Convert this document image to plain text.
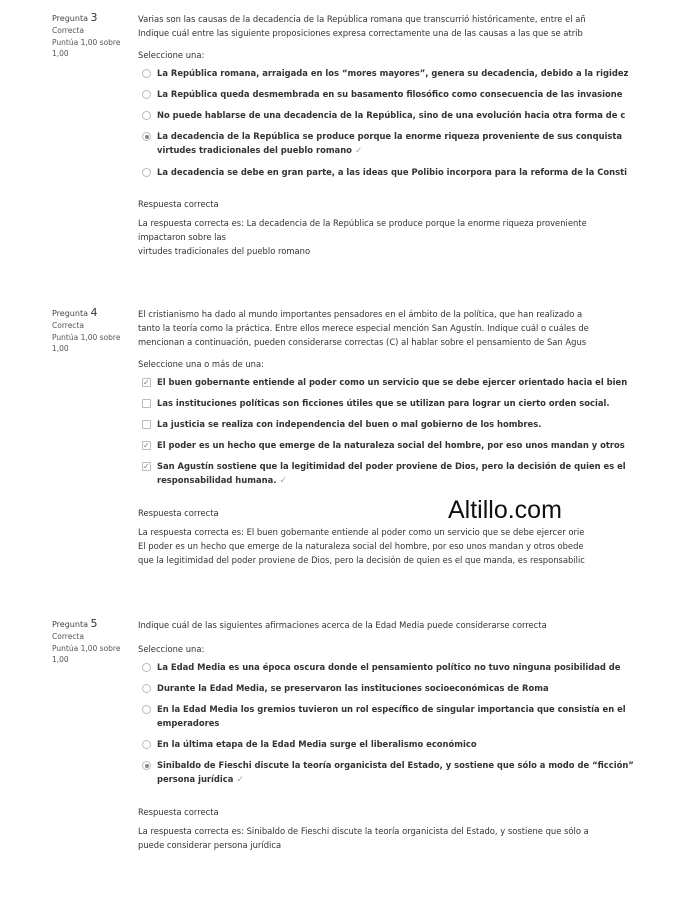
Pregunta 3
Correcta
Puntúa 1,00 sobre 1,00
Varias son las causas de la decadencia de la República romana que transcurrió históricamente, entre el añ
Indique cuál entre las siguiente proposiciones expresa correctamente una de las causas a las que se atrib
Seleccione una:
La República romana, arraigada en los “mores mayores”, genera su decadencia, debido a la rigidez
La República queda desmembrada en su basamento filosófico como consecuencia de las invasione
No puede hablarse de una decadencia de la República, sino de una evolución hacia otra forma de c
La decadencia de la República se produce porque la enorme riqueza proveniente de sus conquista
virtudes tradicionales del pueblo romano ✓
La decadencia se debe en gran parte, a las ideas que Polibio incorpora para la reforma de la Consti
Respuesta correcta
La respuesta correcta es: La decadencia de la República se produce porque la enorme riqueza proveniente
impactaron sobre las
virtudes tradicionales del pueblo romano
Pregunta 4
Correcta
Puntúa 1,00 sobre 1,00
El cristianismo ha dado al mundo importantes pensadores en el ámbito de la política, que han realizado a
tanto la teoría como la práctica. Entre ellos merece especial mención San Agustín. Indique cuál o cuáles de
mencionan a continuación, pueden considerarse correctas (C) al hablar sobre el pensamiento de San Agus
Seleccione una o más de una:
✓
El buen gobernante entiende al poder como un servicio que se debe ejercer orientado hacia el bien
Las instituciones políticas son ficciones útiles que se utilizan para lograr un cierto orden social.
La justicia se realiza con independencia del buen o mal gobierno de los hombres.
✓
El poder es un hecho que emerge de la naturaleza social del hombre, por eso unos mandan y otros
✓
San Agustín sostiene que la legitimidad del poder proviene de Dios, pero la decisión de quien es el
responsabilidad humana. ✓
Respuesta correcta
La respuesta correcta es: El buen gobernante entiende al poder como un servicio que se debe ejercer orie
El poder es un hecho que emerge de la naturaleza social del hombre, por eso unos mandan y otros obede
que la legitimidad del poder proviene de Dios, pero la decisión de quien es el que manda, es responsabilic
Pregunta 5
Correcta
Puntúa 1,00 sobre 1,00
Indique cuál de las siguientes afirmaciones acerca de la Edad Media puede considerarse correcta
Seleccione una:
La Edad Media es una época oscura donde el pensamiento político no tuvo ninguna posibilidad de
Durante la Edad Media, se preservaron las instituciones socioeconómicas de Roma
En la Edad Media los gremios tuvieron un rol específico de singular importancia que consistía en el
emperadores
En la última etapa de la Edad Media surge el liberalismo económico
Sinibaldo de Fieschi discute la teoría organicista del Estado, y sostiene que sólo a modo de “ficción”
persona jurídica ✓
Respuesta correcta
La respuesta correcta es: Sinibaldo de Fieschi discute la teoría organicista del Estado, y sostiene que sólo a
puede considerar persona jurídica
Altillo.com
